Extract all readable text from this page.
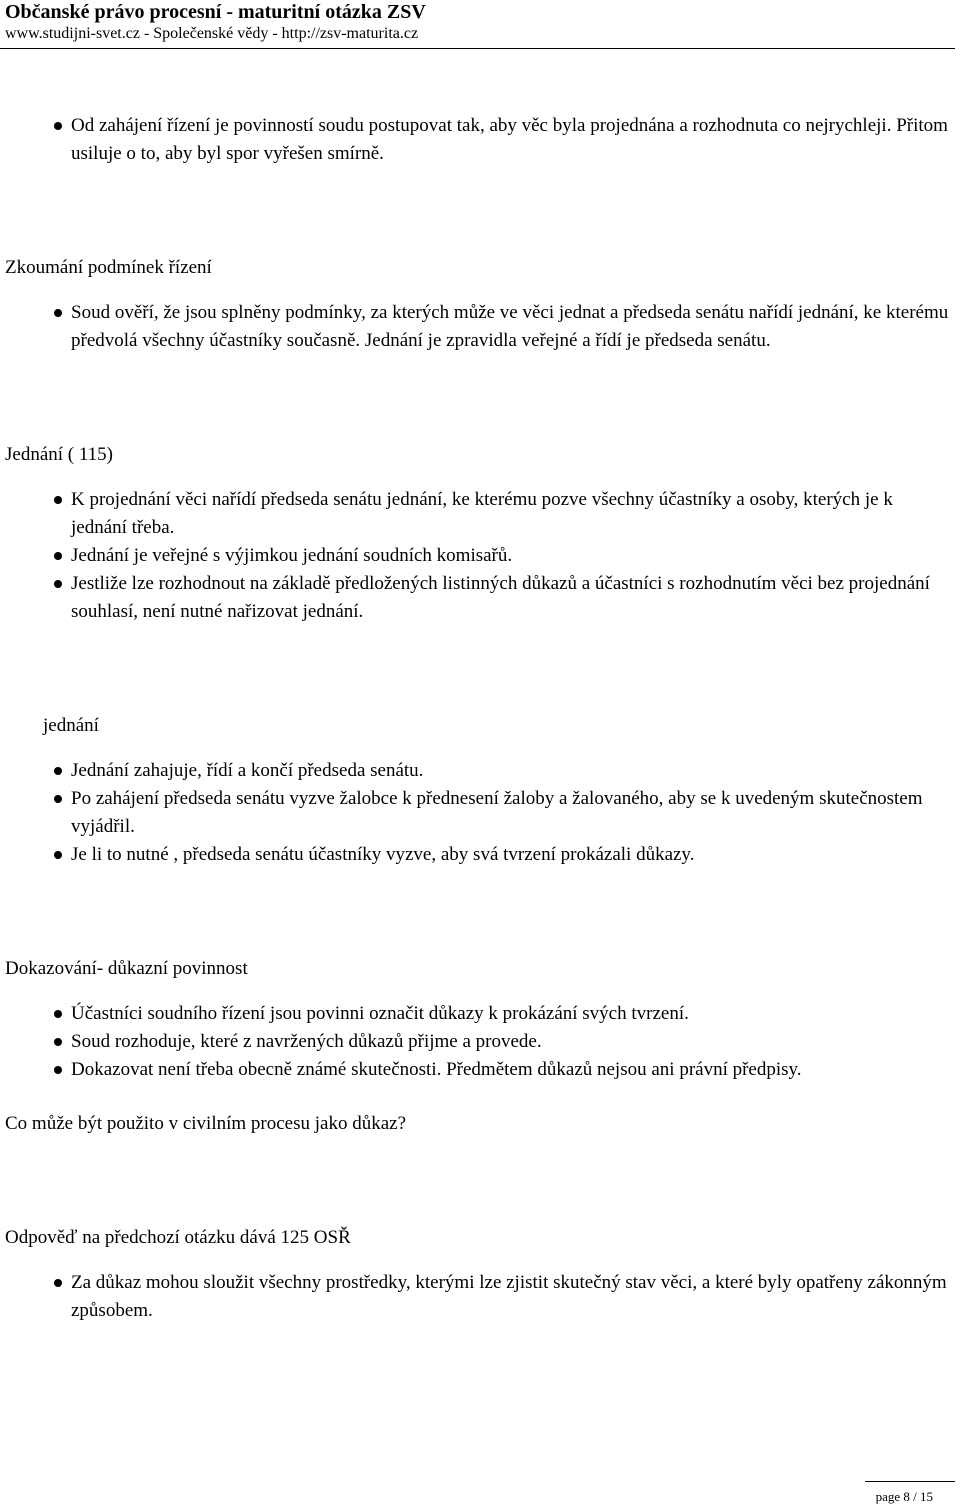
Občanské právo procesní - maturitní otázka ZSV

www.studijni-svet.cz - Společenské vědy - http://zsv-maturita.cz

Od zahájení řízení je povinností soudu postupovat tak, aby věc byla projednána a rozhodnuta co nejrychleji. Přitom usiluje o to, aby byl spor vyřešen smírně.
Zkoumání podmínek řízení
Soud ověří, že jsou splněny podmínky, za kterých může ve věci jednat a předseda senátu nařídí jednání, ke kterému předvolá všechny účastníky současně. Jednání je zpravidla veřejné a řídí je předseda senátu.
Jednání ( 115)
K projednání věci nařídí předseda senátu jednání, ke kterému pozve všechny účastníky a osoby, kterých je k jednání třeba.
Jednání je veřejné s výjimkou jednání soudních komisařů.
Jestliže lze rozhodnout na základě předložených listinných důkazů a účastníci s rozhodnutím věci bez projednání souhlasí, není nutné nařizovat jednání.
jednání
Jednání zahajuje, řídí a končí předseda senátu.
Po zahájení předseda senátu vyzve žalobce k přednesení žaloby a žalovaného, aby se k uvedeným skutečnostem vyjádřil.
Je li to nutné , předseda senátu účastníky vyzve, aby svá tvrzení prokázali důkazy.
Dokazování- důkazní povinnost
Účastníci soudního řízení jsou povinni označit důkazy k prokázání svých tvrzení.
Soud rozhoduje, které z navržených důkazů přijme a provede.
Dokazovat není třeba obecně známé skutečnosti. Předmětem důkazů nejsou ani právní předpisy.

Co může být použito v civilním procesu jako důkaz?

Odpověď na předchozí otázku dává 125 OSŘ
Za důkaz mohou sloužit všechny prostředky, kterými lze zjistit skutečný stav věci, a které byly opatřeny zákonným způsobem.
page 8 / 15
